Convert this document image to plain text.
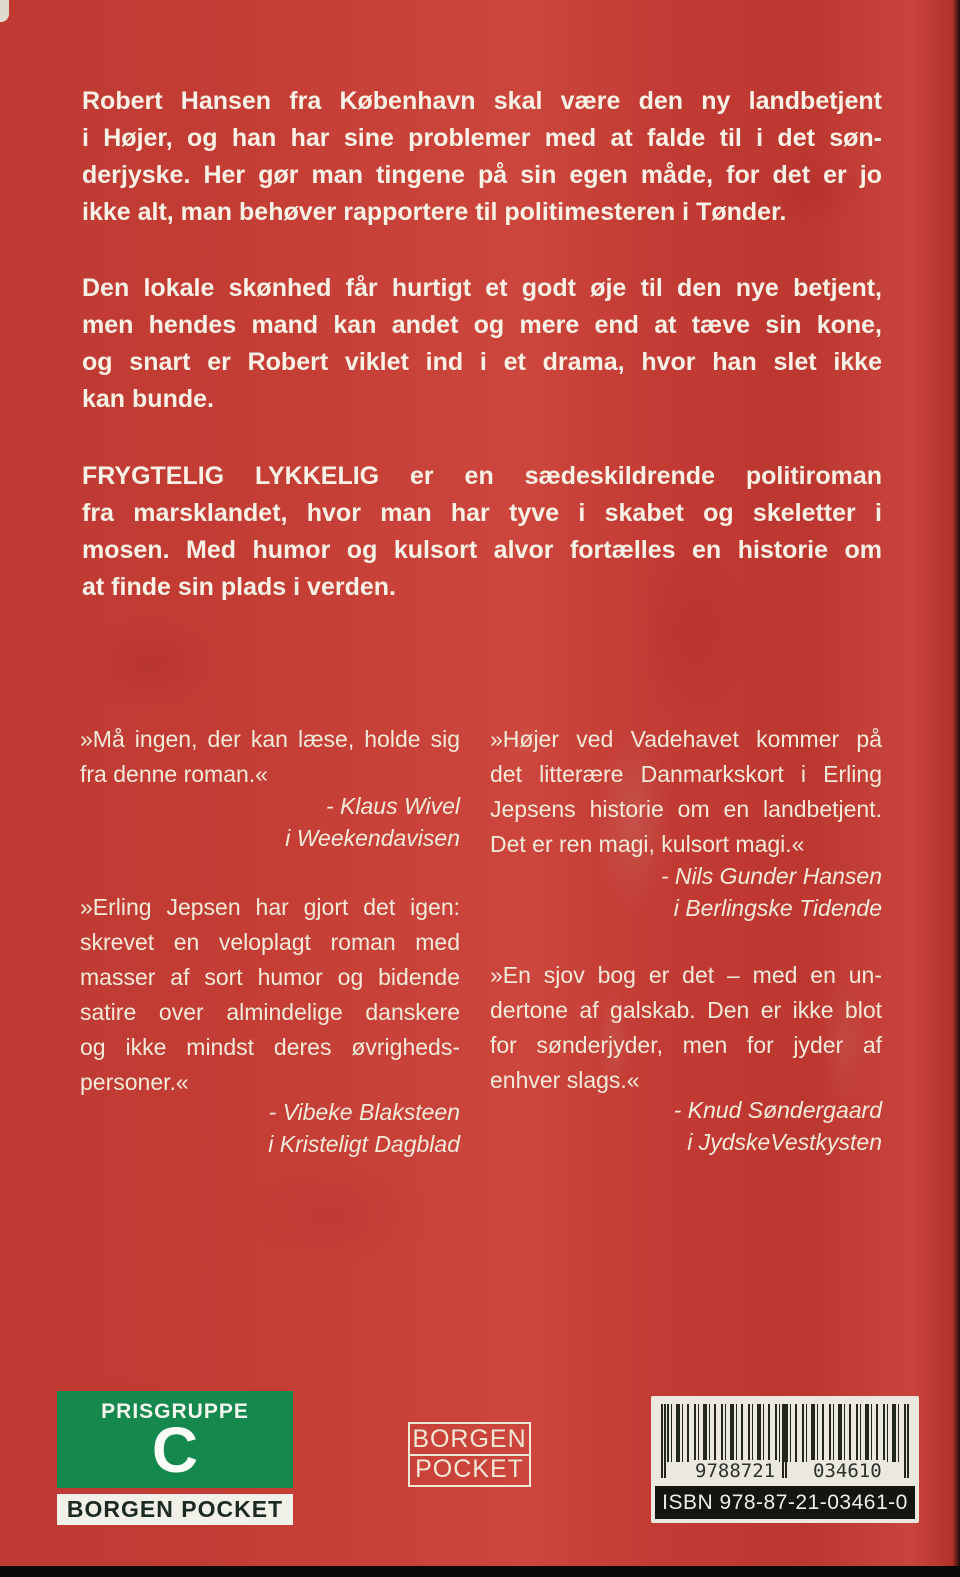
Robert Hansen fra København skal være den ny landbetjent
i Højer, og han har sine problemer med at falde til i det søn-
derjyske. Her gør man tingene på sin egen måde, for det er jo
ikke alt, man behøver rapportere til politimesteren i Tønder.
Den lokale skønhed får hurtigt et godt øje til den nye betjent,
men hendes mand kan andet og mere end at tæve sin kone,
og snart er Robert viklet ind i et drama, hvor han slet ikke
kan bunde.
FRYGTELIG LYKKELIG er en sædeskildrende politiroman
fra marsklandet, hvor man har tyve i skabet og skeletter i
mosen. Med humor og kulsort alvor fortælles en historie om
at finde sin plads i verden.
»Må ingen, der kan læse, holde sig
fra denne roman.«
- Klaus Wivel
i Weekendavisen
»Erling Jepsen har gjort det igen:
skrevet en veloplagt roman med
masser af sort humor og bidende
satire over almindelige danskere
og ikke mindst deres øvrigheds-
personer.«
- Vibeke Blaksteen
i Kristeligt Dagblad
»Højer ved Vadehavet kommer på
det litterære Danmarkskort i Erling
Jepsens historie om en landbetjent.
Det er ren magi, kulsort magi.«
- Nils Gunder Hansen
i Berlingske Tidende
»En sjov bog er det – med en un-
dertone af galskab. Den er ikke blot
for sønderjyder, men for jyder af
enhver slags.«
- Knud Søndergaard
i JydskeVestkysten
PRISGRUPPE
C
BORGEN POCKET
BORGEN
POCKET	9788721 034610
ISBN 978-87-21-03461-0
